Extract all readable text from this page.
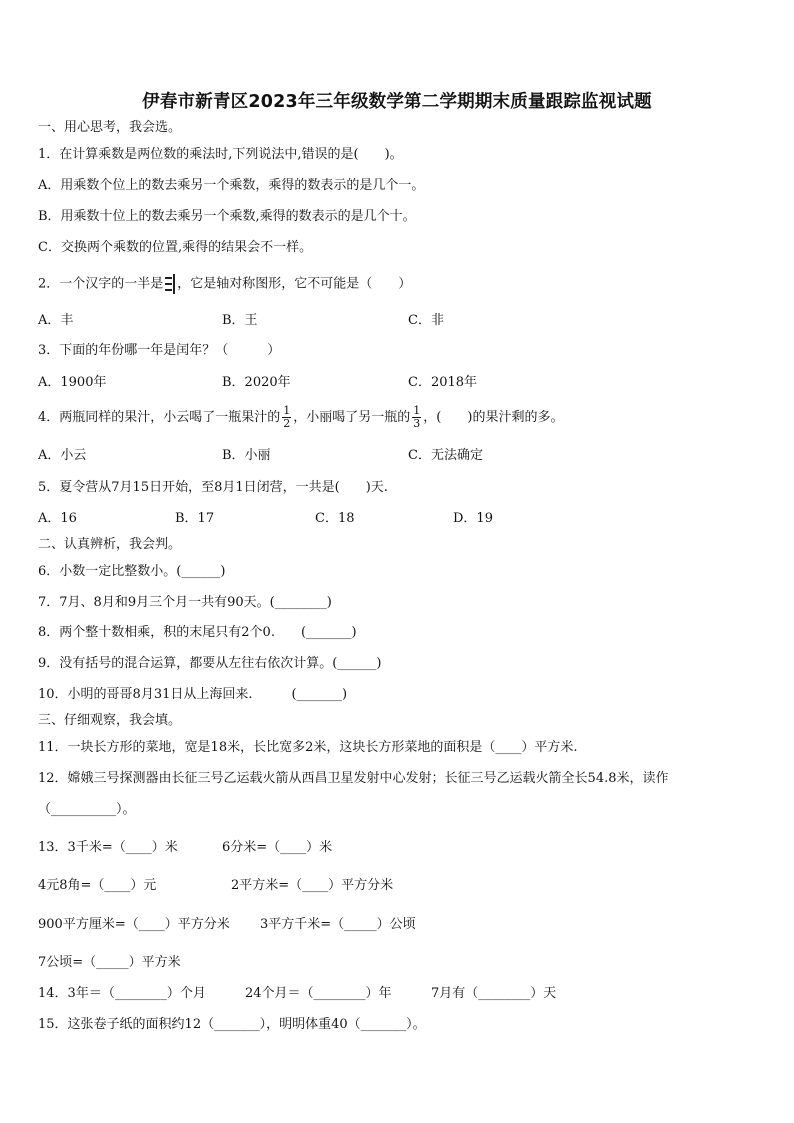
伊春市新青区2023年三年级数学第二学期期末质量跟踪监视试题
一、用心思考，我会选。
1．在计算乘数是两位数的乘法时,下列说法中,错误的是(　　)。
A．用乘数个位上的数去乘另一个乘数，乘得的数表示的是几个一。
B．用乘数十位上的数去乘另一个乘数,乘得的数表示的是几个十。
C．交换两个乘数的位置,乘得的结果会不一样。
2．一个汉字的一半是 ，它是轴对称图形，它不可能是（　　）
A．丰	B．王	C．非
3．下面的年份哪一年是闰年？（　　　）
A．1900年	B．2020年	C．2018年
4．两瓶同样的果汁，小云喝了一瓶果汁的 $\frac{1}{2}$ ，小丽喝了另一瓶的 $\frac{1}{3}$ ，(　　)的果汁剩的多。
A．小云	B．小丽	C．无法确定
5．夏令营从7月15日开始，至8月1日闭营，一共是(　　)天.
A．16	B．17	C．18	D．19
二、认真辨析，我会判。
6．小数一定比整数小。(______)
7．7月、8月和9月三个月一共有90天。(________)
8．两个整十数相乘，积的末尾只有2个0.　　(_______)
9．没有括号的混合运算，都要从左往右依次计算。(______)
10．小明的哥哥8月31日从上海回来.　　　(_______)
三、仔细观察，我会填。
11．一块长方形的菜地，宽是18米，长比宽多2米，这块长方形菜地的面积是（____）平方米.
12．嫦娥三号探测器由长征三号乙运载火箭从西昌卫星发射中心发射；长征三号乙运载火箭全长54.8米，读作
（__________）。
13．3千米=（____）米	6分米=（____）米
4元8角=（____）元	2平方米=（____）平方分米
900平方厘米=（____）平方分米 3平方千米=（_____）公顷
7公顷=（_____）平方米
14．3年＝（________）个月	24个月＝（________）年	7月有（________）天
15．这张卷子纸的面积约12（_______），明明体重40（_______）。
